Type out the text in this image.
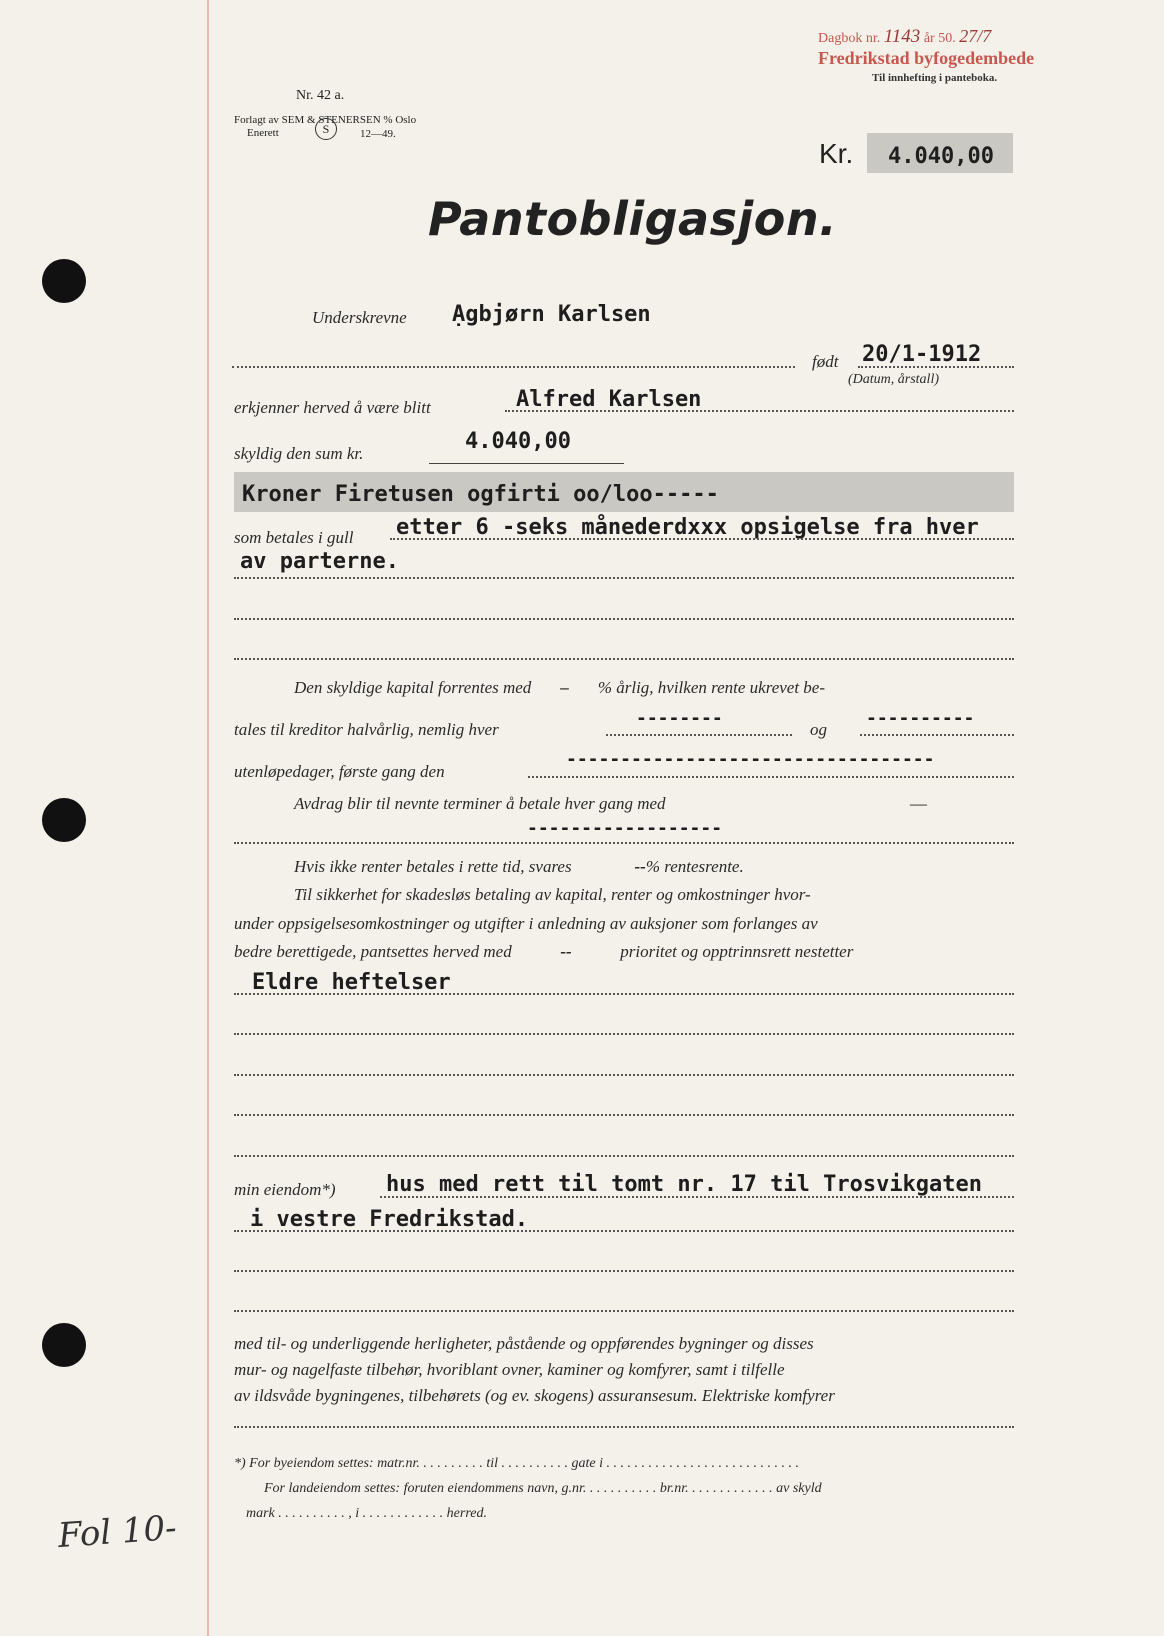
Dagbok nr. 1143 år 50. 27/7
Fredrikstad byfogedembede
Til innhefting i panteboka.
Nr. 42 a.
Forlagt av SEM & STENERSEN % Oslo
Enerett	S	12—49.
Kr. 4.040,00
Pantobligasjon.
Underskrevne Ạgbjørn Karlsen
født 20/1-1912
(Datum, årstall)
erkjenner herved å være blitt	Alfred Karlsen
skyldig den sum kr.	4.040,00
Kroner Firetusen ogfirti oo/loo-----
som betales i gull etter 6 -seks månederdxxx opsigelse fra hver
av parterne.
Den skyldige kapital forrentes med – % årlig, hvilken rente ukrevet be-
tales til kreditor halvårlig, nemlig hver
--------
og
----------
utenløpedager, første gang den
----------------------------------
Avdrag blir til nevnte terminer å betale hver gang med	—
------------------
Hvis ikke renter betales i rette tid, svares	--% rentesrente.
Til sikkerhet for skadesløs betaling av kapital, renter og omkostninger hvor-
under oppsigelsesomkostninger og utgifter i anledning av auksjoner som forlanges av
bedre berettigede, pantsettes herved med	--	prioritet og opptrinnsrett nestetter
Eldre heftelser
min eiendom*) hus med rett til tomt nr. 17 til Trosvikgaten
i vestre Fredrikstad.
med til- og underliggende herligheter, påstående og oppførendes bygninger og disses
mur- og nagelfaste tilbehør, hvoriblant ovner, kaminer og komfyrer, samt i tilfelle
av ildsvåde bygningenes, tilbehørets (og ev. skogens) assuransesum. Elektriske komfyrer
*) For byeiendom settes: matr.nr. . . . . . . . . . til . . . . . . . . . . gate i . . . . . . . . . . . . . . . . . . . . . . . . . . . .
For landeiendom settes: foruten eiendommens navn, g.nr. . . . . . . . . . . br.nr. . . . . . . . . . . . . av skyld
mark . . . . . . . . . . , i . . . . . . . . . . . . herred.
Fol 10-
